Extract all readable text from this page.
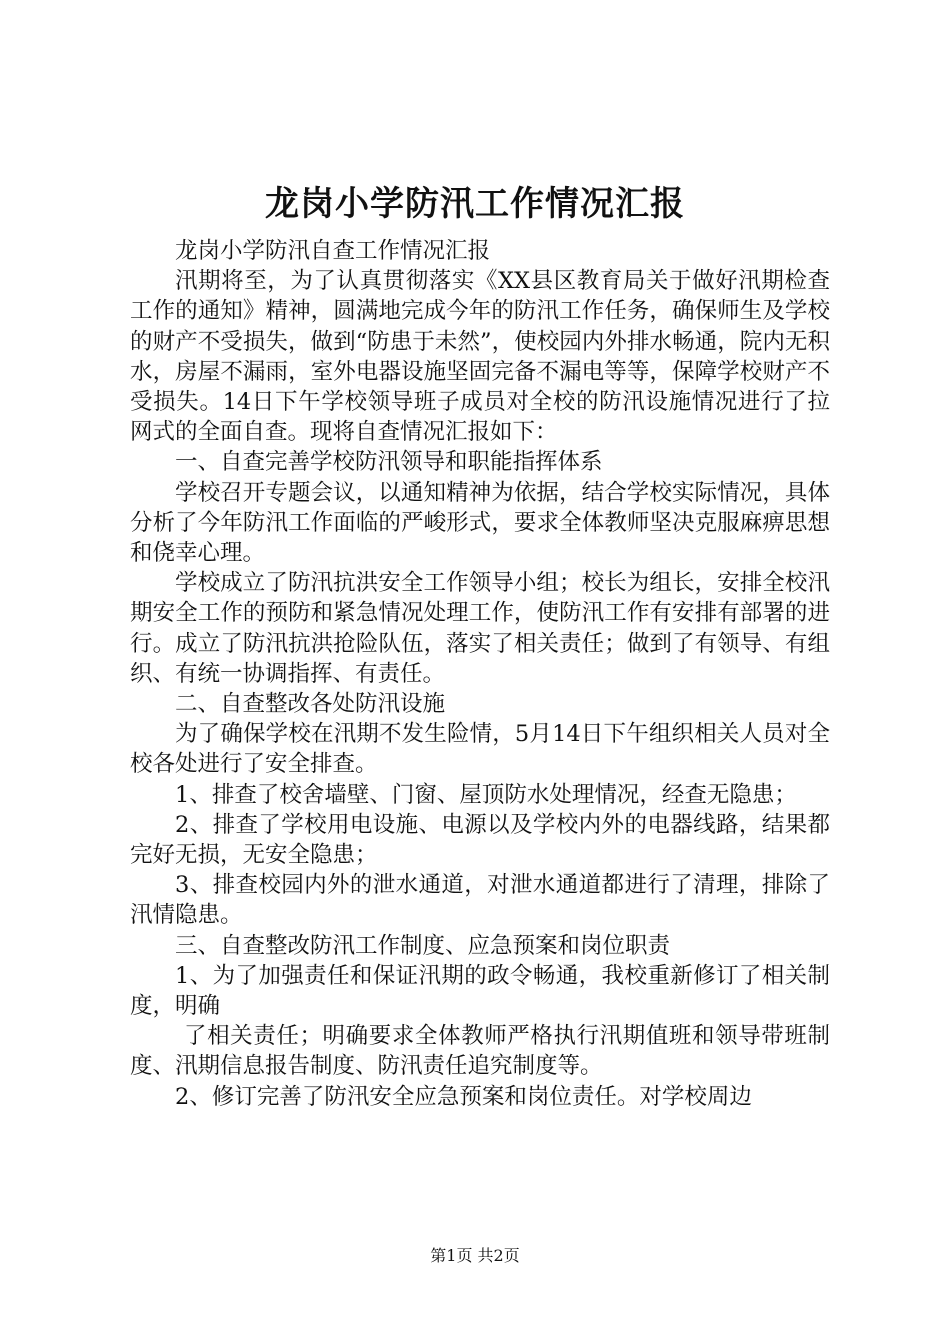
龙岗小学防汛工作情况汇报

龙岗小学防汛自查工作情况汇报

汛期将至，为了认真贯彻落实《XX县区教育局关于做好汛期检查工作的通知》精神，圆满地完成今年的防汛工作任务，确保师生及学校的财产不受损失，做到“防患于未然”，使校园内外排水畅通，院内无积水，房屋不漏雨，室外电器设施坚固完备不漏电等等，保障学校财产不受损失。14日下午学校领导班子成员对全校的防汛设施情况进行了拉网式的全面自查。现将自查情况汇报如下：

一、自查完善学校防汛领导和职能指挥体系

学校召开专题会议，以通知精神为依据，结合学校实际情况，具体分析了今年防汛工作面临的严峻形式，要求全体教师坚决克服麻痹思想和侥幸心理。

学校成立了防汛抗洪安全工作领导小组；校长为组长，安排全校汛期安全工作的预防和紧急情况处理工作，使防汛工作有安排有部署的进行。成立了防汛抗洪抢险队伍，落实了相关责任；做到了有领导、有组织、有统一协调指挥、有责任。

二、自查整改各处防汛设施

为了确保学校在汛期不发生险情，5月14日下午组织相关人员对全校各处进行了安全排查。

1、排查了校舍墙壁、门窗、屋顶防水处理情况，经查无隐患；

2、排查了学校用电设施、电源以及学校内外的电器线路，结果都完好无损，无安全隐患；

3、排查校园内外的泄水通道，对泄水通道都进行了清理，排除了汛情隐患。

三、自查整改防汛工作制度、应急预案和岗位职责

1、为了加强责任和保证汛期的政令畅通，我校重新修订了相关制度，明确

了相关责任；明确要求全体教师严格执行汛期值班和领导带班制度、汛期信息报告制度、防汛责任追究制度等。

2、修订完善了防汛安全应急预案和岗位责任。对学校周边

第1页 共2页
